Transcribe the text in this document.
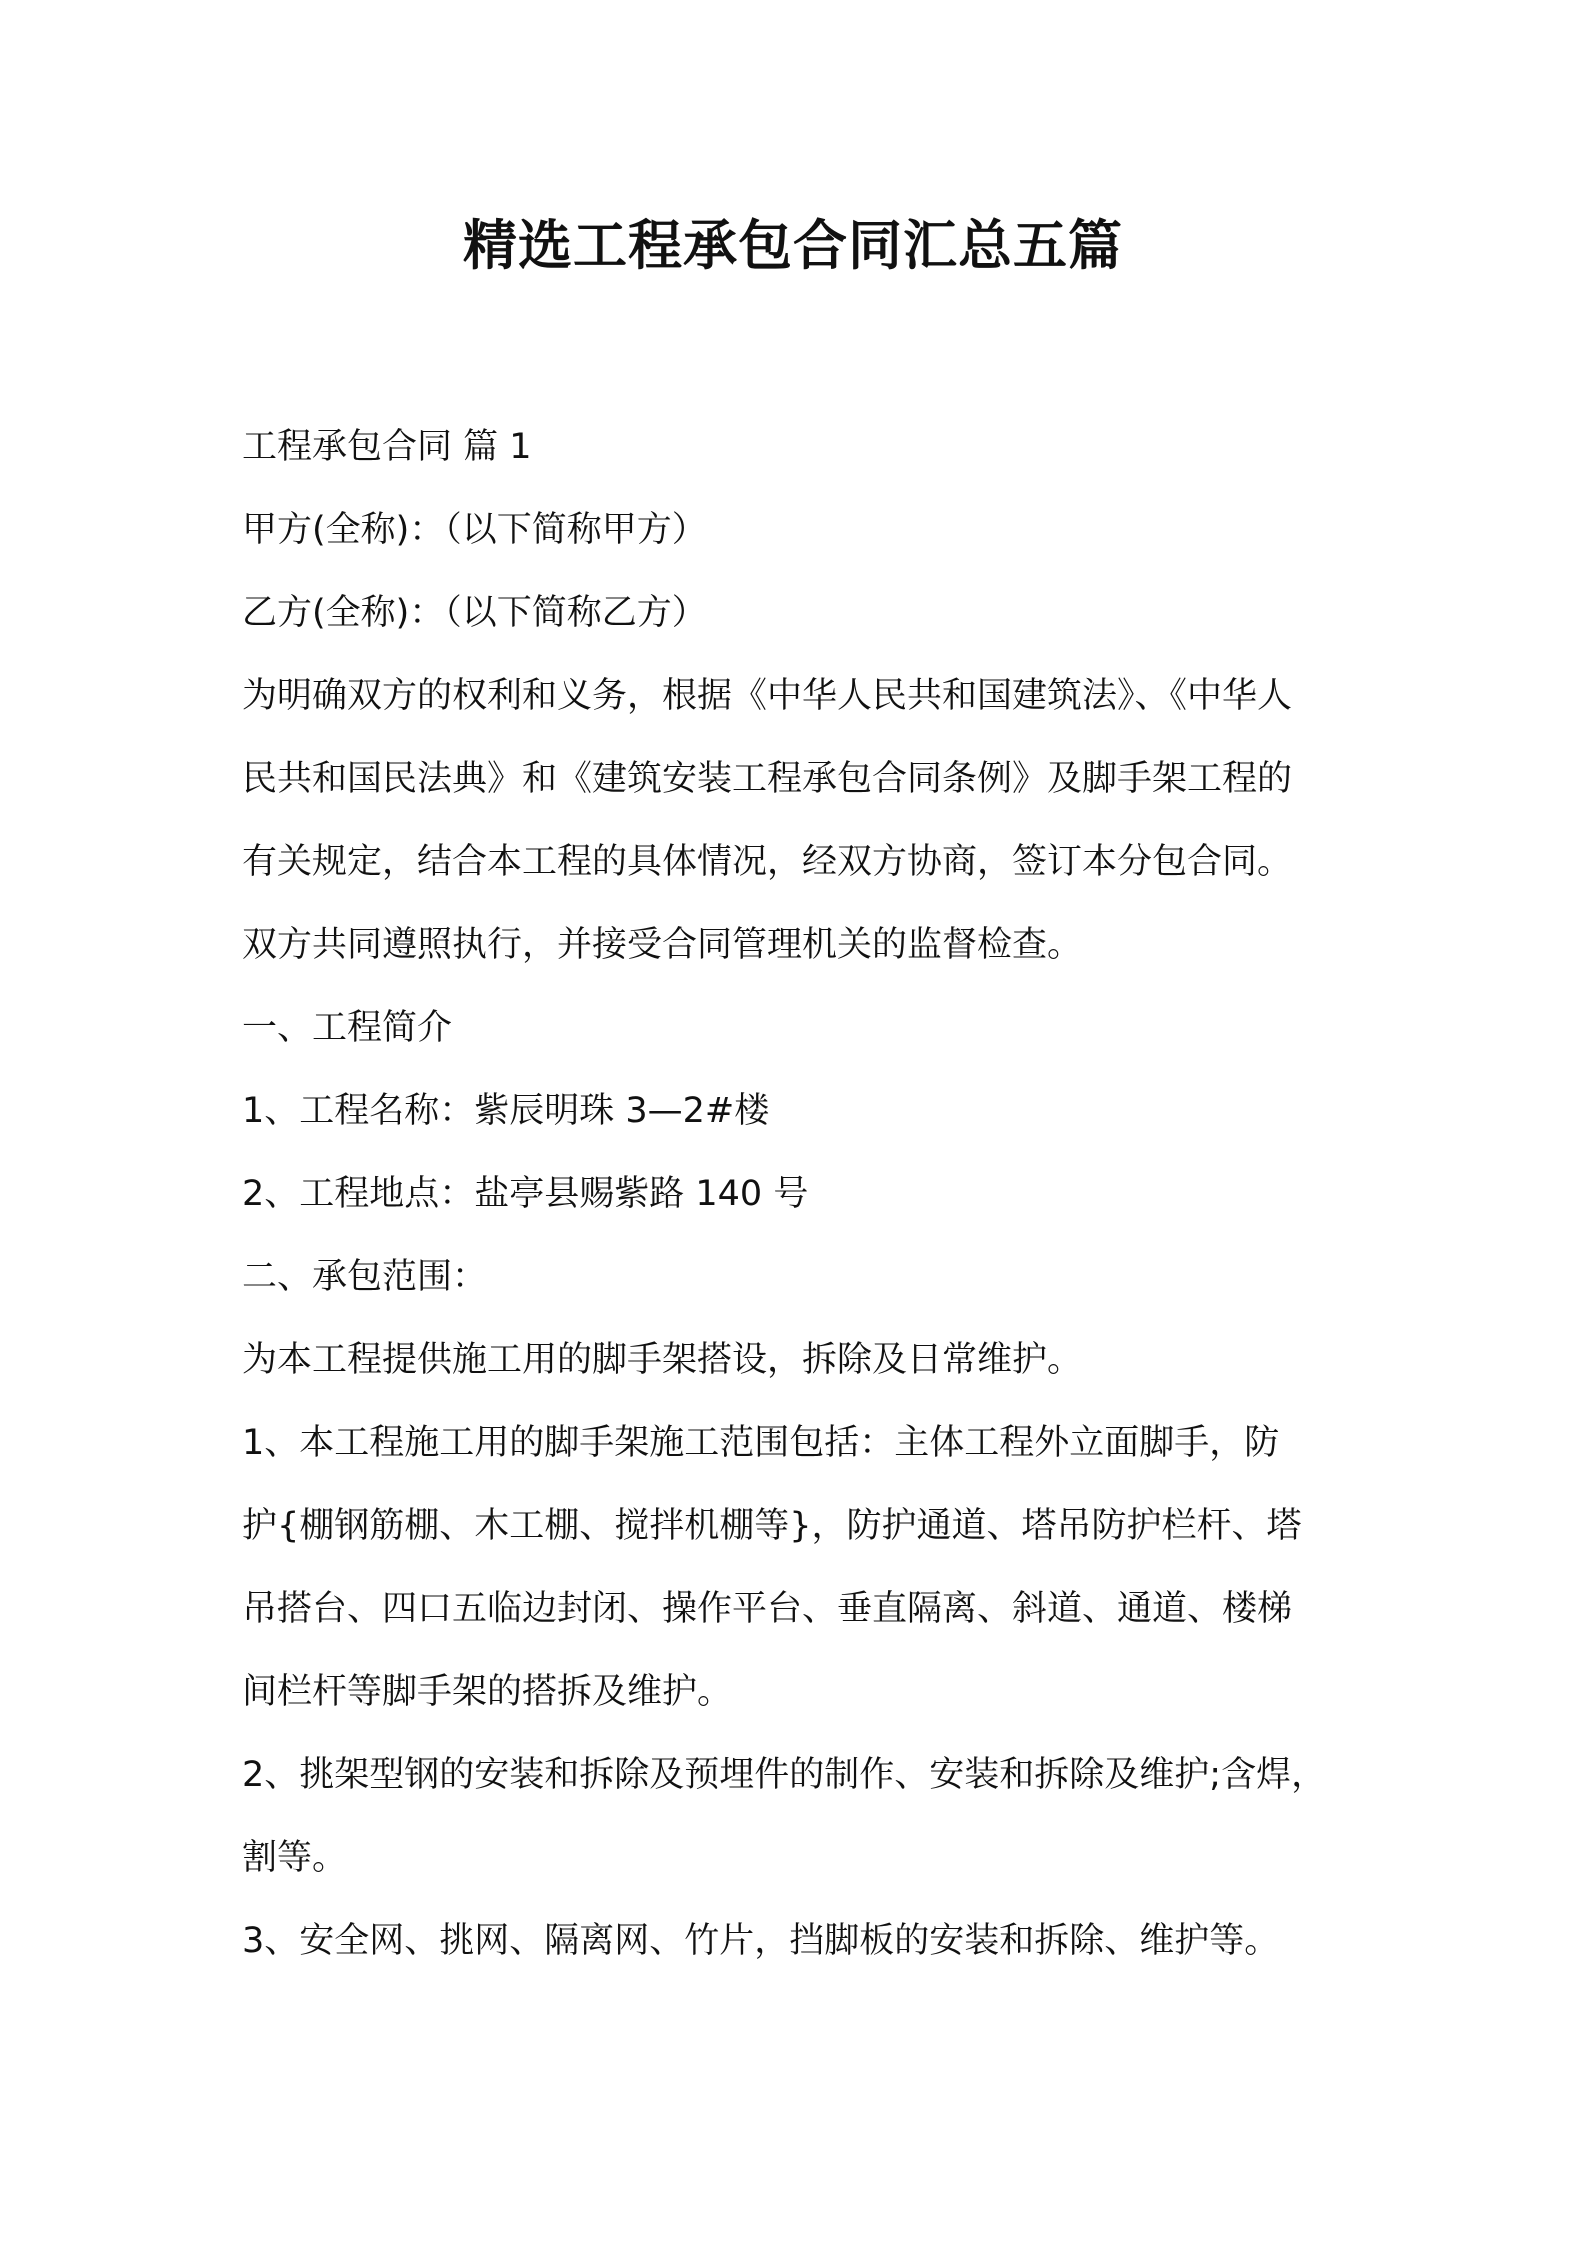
精选工程承包合同汇总五篇
工程承包合同 篇 1
甲方(全称)：（以下简称甲方）
乙方(全称)：（以下简称乙方）
为明确双方的权利和义务，根据《中华人民共和国建筑法》、《中华人
民共和国民法典》和《建筑安装工程承包合同条例》及脚手架工程的
有关规定，结合本工程的具体情况，经双方协商，签订本分包合同。
双方共同遵照执行，并接受合同管理机关的监督检查。
一、工程简介
1、工程名称：紫辰明珠 3—2#楼
2、工程地点：盐亭县赐紫路 140 号
二、承包范围：
为本工程提供施工用的脚手架搭设，拆除及日常维护。
1、本工程施工用的脚手架施工范围包括：主体工程外立面脚手，防
护{棚钢筋棚、木工棚、搅拌机棚等}，防护通道、塔吊防护栏杆、塔
吊搭台、四口五临边封闭、操作平台、垂直隔离、斜道、通道、楼梯
间栏杆等脚手架的搭拆及维护。
2、挑架型钢的安装和拆除及预埋件的制作、安装和拆除及维护;含焊，
割等。
3、安全网、挑网、隔离网、竹片，挡脚板的安装和拆除、维护等。
